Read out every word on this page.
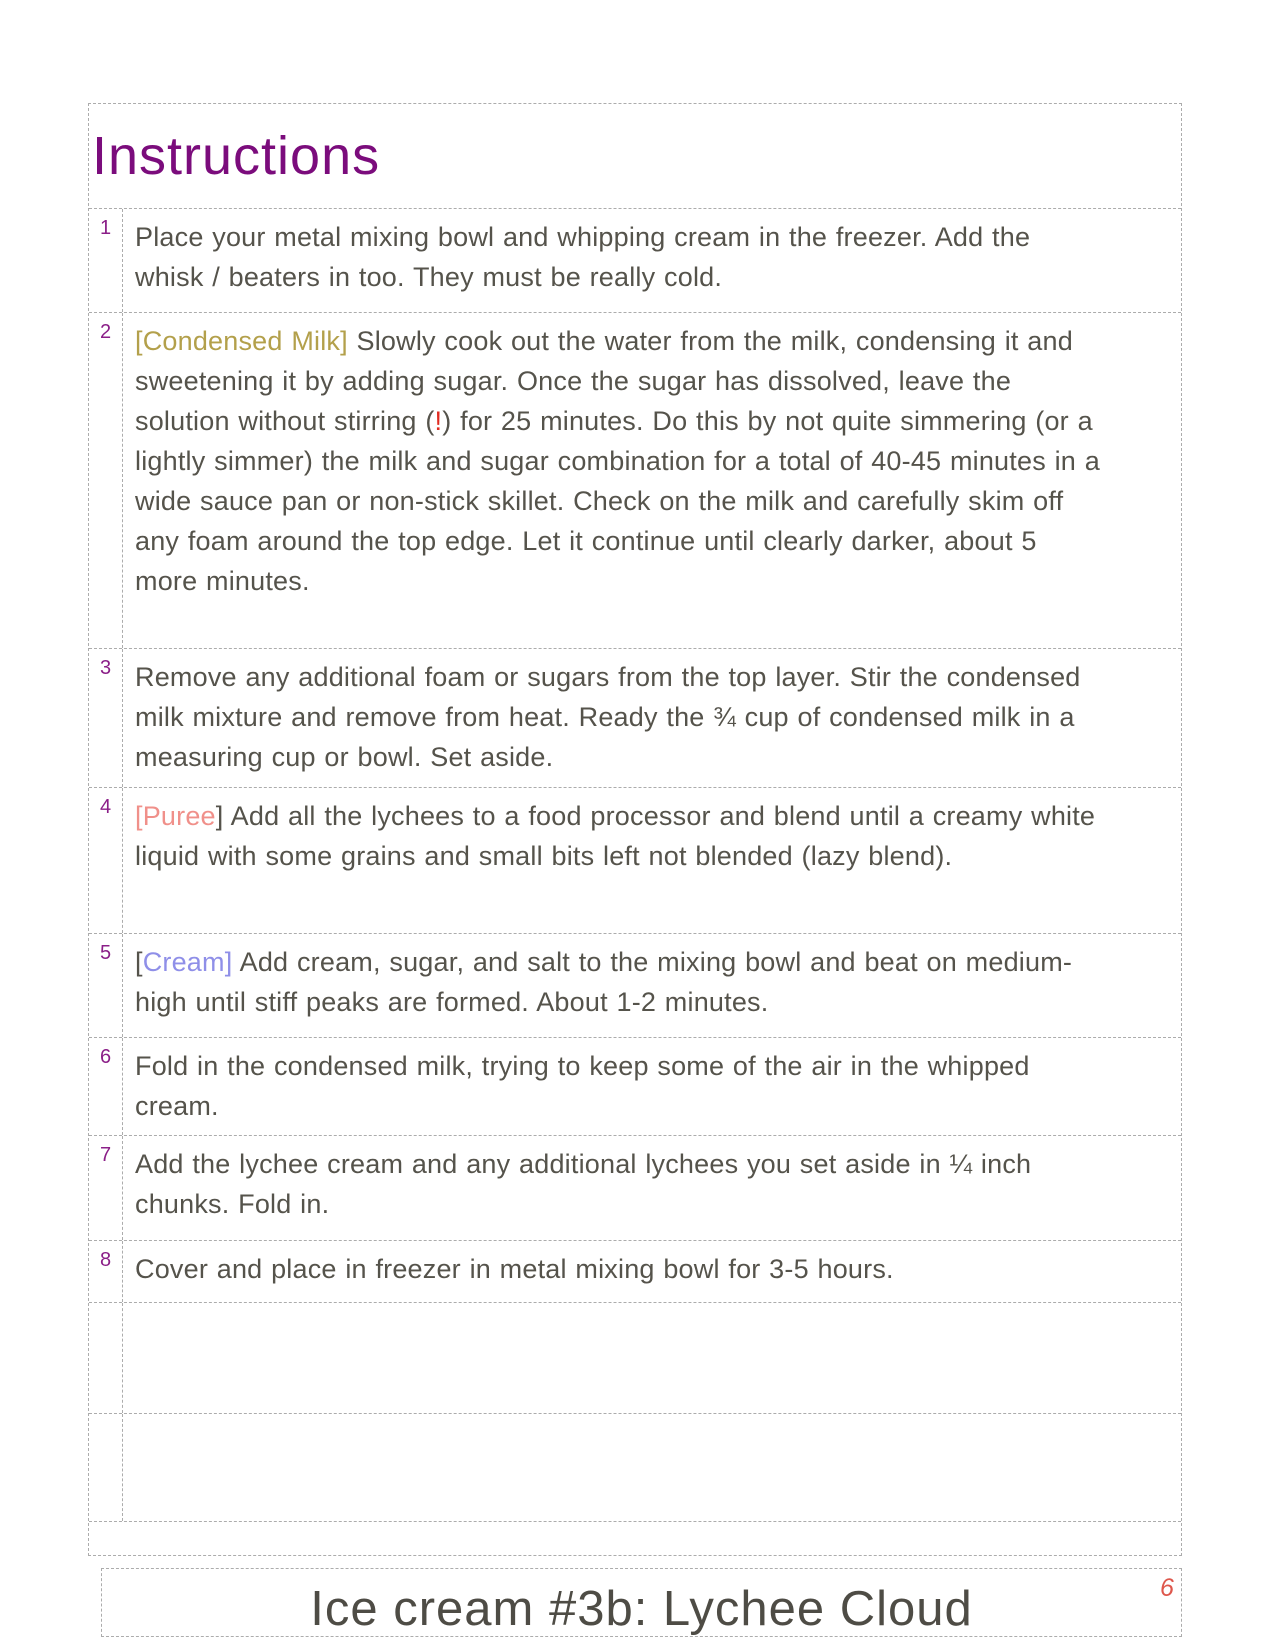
Instructions
1 Place your metal mixing bowl and whipping cream in the freezer. Add the whisk / beaters in too. They must be really cold.
2 [Condensed Milk] Slowly cook out the water from the milk, condensing it and sweetening it by adding sugar. Once the sugar has dissolved, leave the solution without stirring (!) for 25 minutes. Do this by not quite simmering (or a lightly simmer) the milk and sugar combination for a total of 40-45 minutes in a wide sauce pan or non-stick skillet. Check on the milk and carefully skim off any foam around the top edge. Let it continue until clearly darker, about 5 more minutes.
3 Remove any additional foam or sugars from the top layer. Stir the condensed milk mixture and remove from heat. Ready the ¾ cup of condensed milk in a measuring cup or bowl. Set aside.
4 [Puree] Add all the lychees to a food processor and blend until a creamy white liquid with some grains and small bits left not blended (lazy blend).
5 [Cream] Add cream, sugar, and salt to the mixing bowl and beat on medium-high until stiff peaks are formed. About 1-2 minutes.
6 Fold in the condensed milk, trying to keep some of the air in the whipped cream.
7 Add the lychee cream and any additional lychees you set aside in ¼ inch chunks. Fold in.
8 Cover and place in freezer in metal mixing bowl for 3-5 hours.
Ice cream #3b: Lychee Cloud	6
